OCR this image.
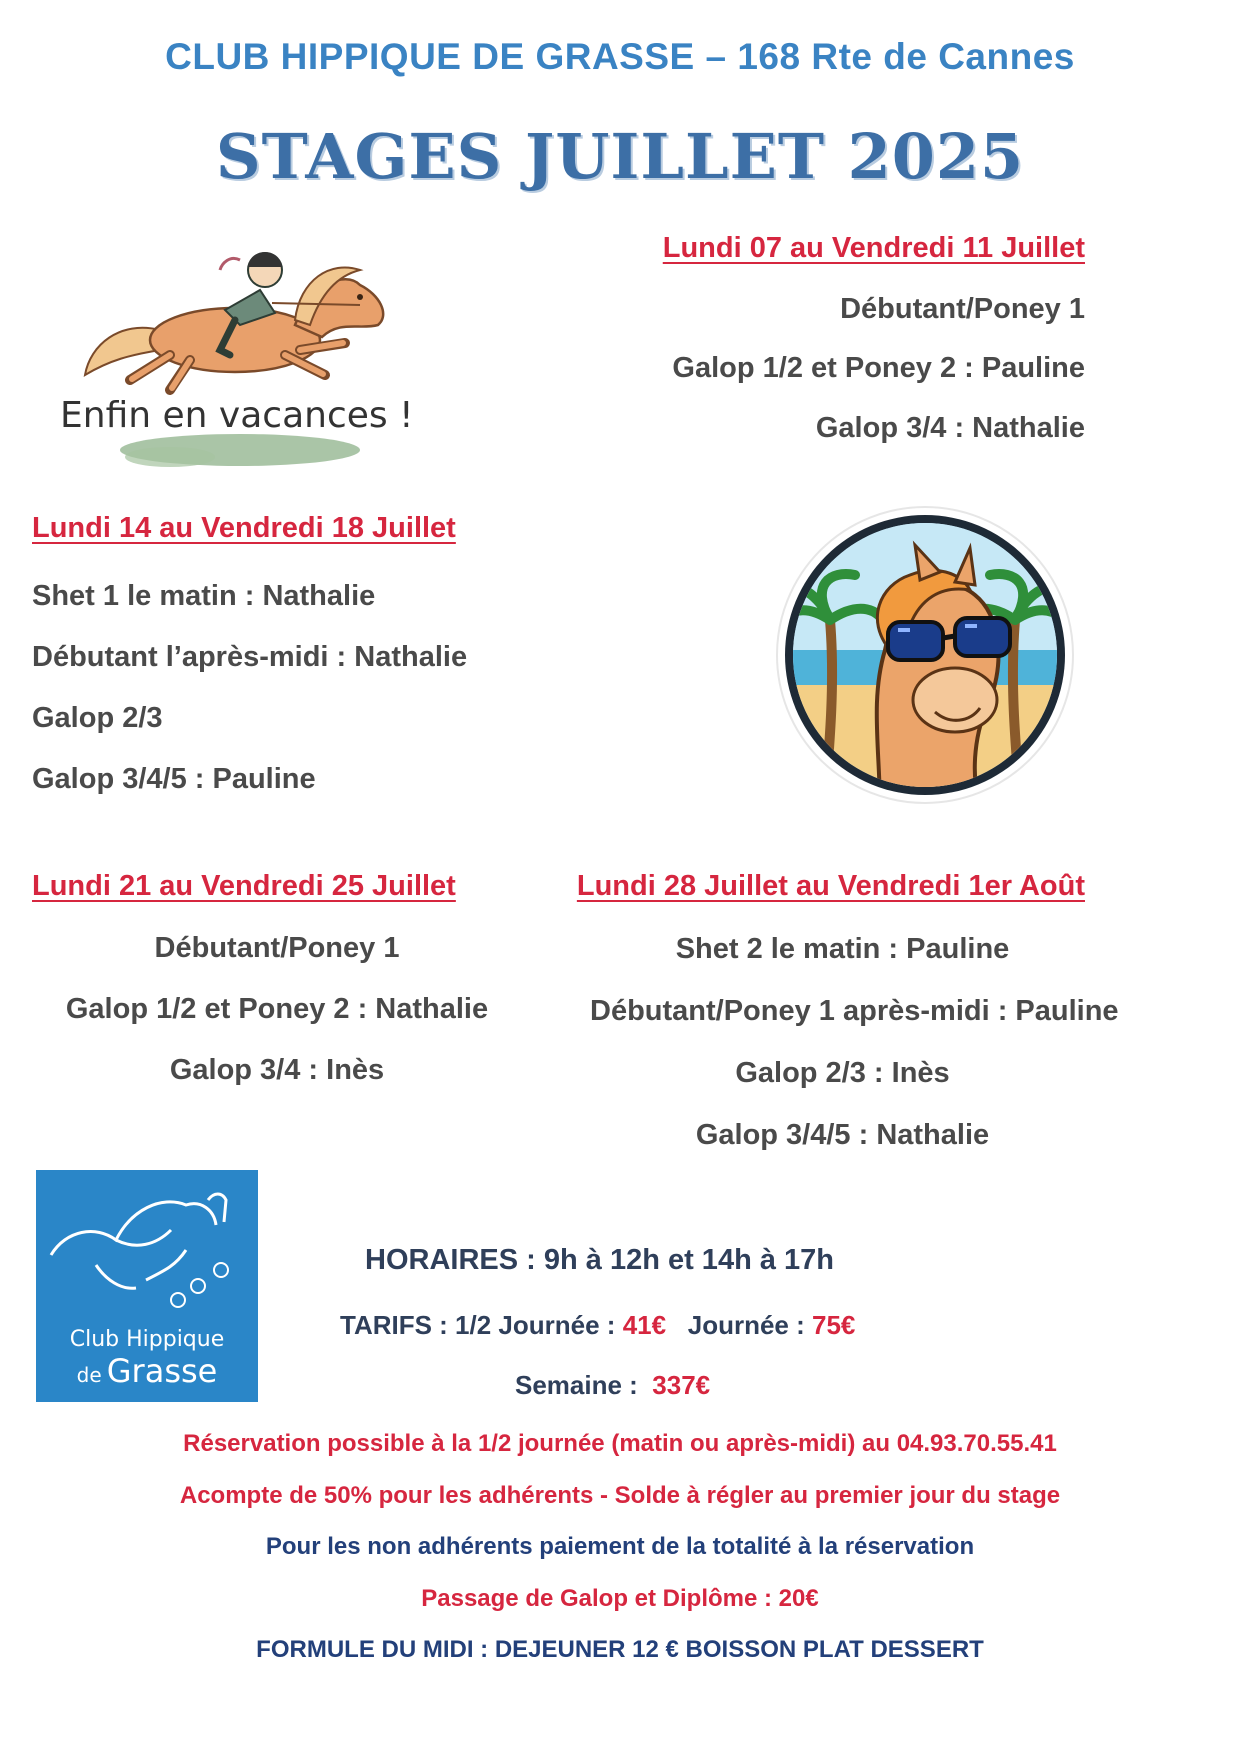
CLUB HIPPIQUE DE GRASSE – 168 Rte de Cannes
STAGES JUILLET 2025
Enfin en vacances !
Lundi 07 au Vendredi 11 Juillet
Débutant/Poney 1
Galop 1/2 et Poney 2 : Pauline
Galop 3/4 : Nathalie
Lundi 14 au Vendredi 18 Juillet
Shet 1 le matin : Nathalie
Débutant l’après-midi : Nathalie
Galop 2/3
Galop 3/4/5 : Pauline
Lundi 21 au Vendredi 25 Juillet
Débutant/Poney 1
Galop 1/2 et Poney 2 : Nathalie
Galop 3/4 : Inès
Lundi 28 Juillet au Vendredi 1er Août
Shet 2 le matin : Pauline
Débutant/Poney 1 après-midi : Pauline
Galop 2/3 : Inès
Galop 3/4/5 : Nathalie
Club Hippique
de Grasse
HORAIRES : 9h à 12h et 14h à 17h
TARIFS : 1/2 Journée : 41€ Journée : 75€
Semaine : 337€
Réservation possible à la 1/2 journée (matin ou après-midi) au 04.93.70.55.41
Acompte de 50% pour les adhérents - Solde à régler au premier jour du stage
Pour les non adhérents paiement de la totalité à la réservation
Passage de Galop et Diplôme : 20€
FORMULE DU MIDI : DEJEUNER 12 € BOISSON PLAT DESSERT
